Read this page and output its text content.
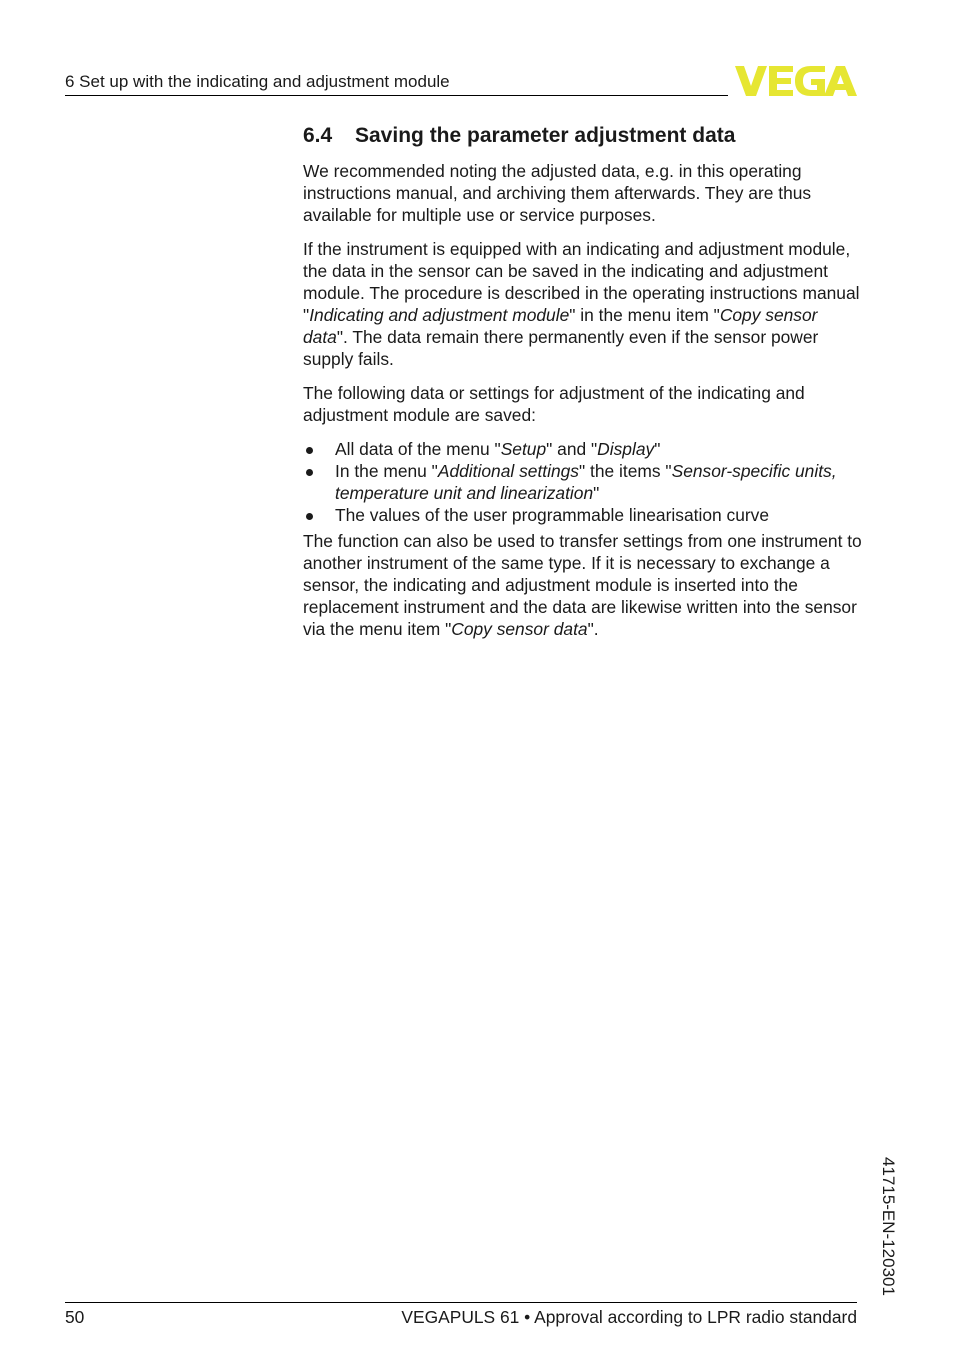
6 Set up with the indicating and adjustment module
6.4	Saving the parameter adjustment data

We recommended noting the adjusted data, e.g. in this operating instructions manual, and archiving them afterwards. They are thus available for multiple use or service purposes.

If the instrument is equipped with an indicating and adjustment module, the data in the sensor can be saved in the indicating and adjustment module. The procedure is described in the operating instructions manual "Indicating and adjustment module" in the menu item "Copy sensor data". The data remain there permanently even if the sensor power supply fails.

The following data or settings for adjustment of the indicating and adjustment module are saved:

All data of the menu "Setup" and "Display"
In the menu "Additional settings" the items "Sensor-specific units, temperature unit and linearization"
The values of the user programmable linearisation curve

The function can also be used to transfer settings from one instrument to another instrument of the same type. If it is necessary to exchange a sensor, the indicating and adjustment module is inserted into the replacement instrument and the data are likewise written into the sensor via the menu item "Copy sensor data".

41715-EN-120301
50	VEGAPULS 61 • Approval according to LPR radio standard
